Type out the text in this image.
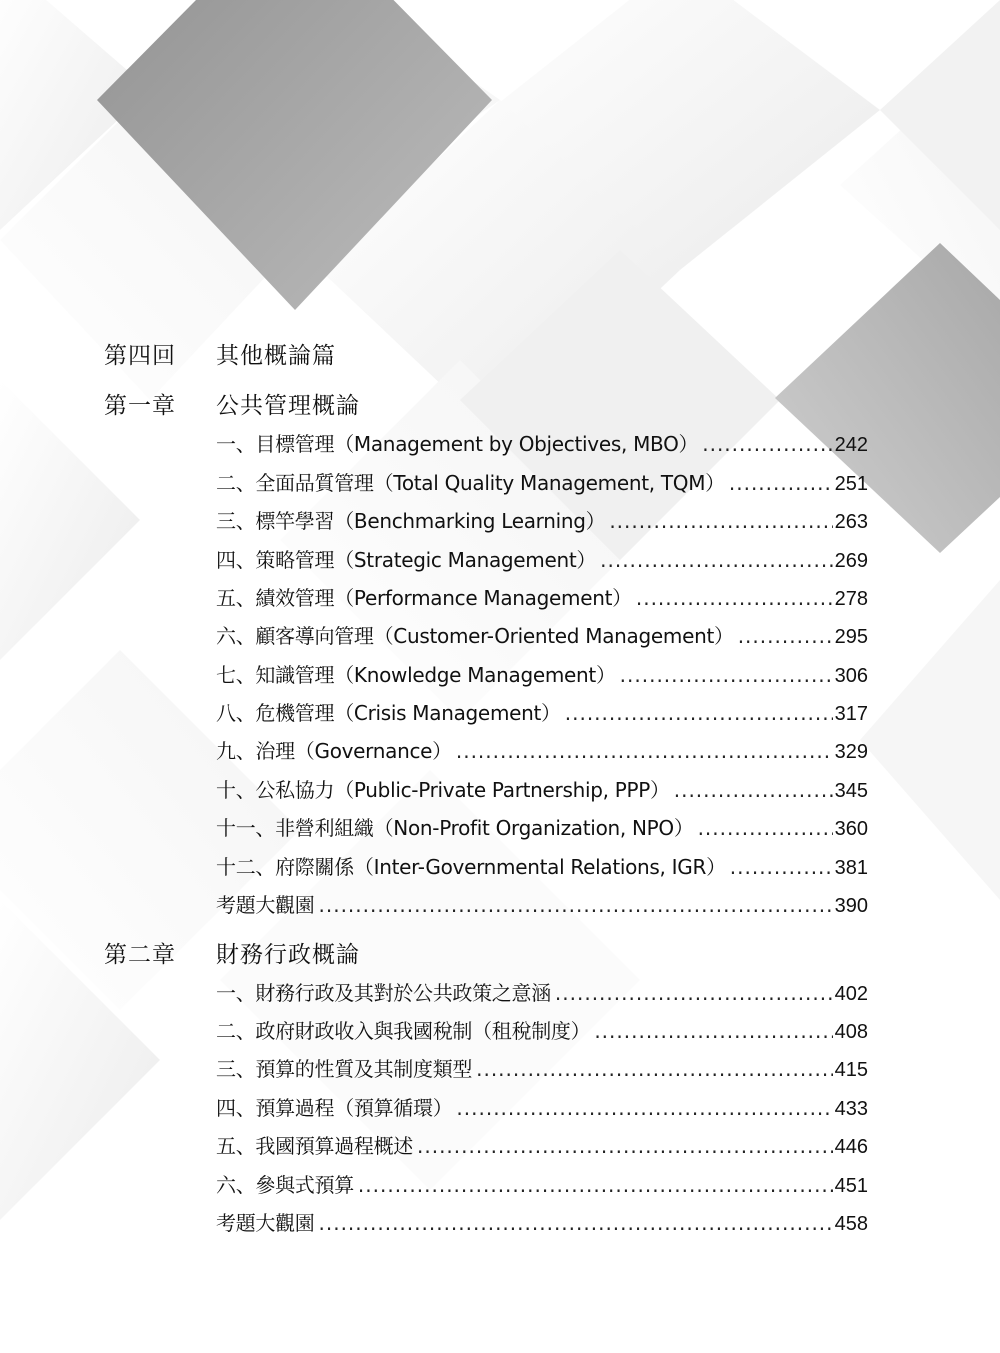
第四回	其他概論篇
第一章	公共管理概論
一、目標管理（Management by Objectives, MBO） .....	242
二、全面品質管理（Total Quality Management, TQM） .....	251
三、標竿學習（Benchmarking Learning） .....	263
四、策略管理（Strategic Management） .....	269
五、績效管理（Performance Management） .....	278
六、顧客導向管理（Customer-Oriented Management） .....	295
七、知識管理（Knowledge Management） .....	306
八、危機管理（Crisis Management） .....	317
九、治理（Governance） .....	329
十、公私協力（Public-Private Partnership, PPP） .....	345
十一、非營利組織（Non-Profit Organization, NPO） .....	360
十二、府際關係（Inter-Governmental Relations, IGR） .....	381
考題大觀園 .....	390
第二章	財務行政概論
一、財務行政及其對於公共政策之意涵 .....	402
二、政府財政收入與我國稅制（租稅制度） .....	408
三、預算的性質及其制度類型 .....	415
四、預算過程（預算循環） .....	433
五、我國預算過程概述 .....	446
六、參與式預算 .....	451
考題大觀園 .....	458
